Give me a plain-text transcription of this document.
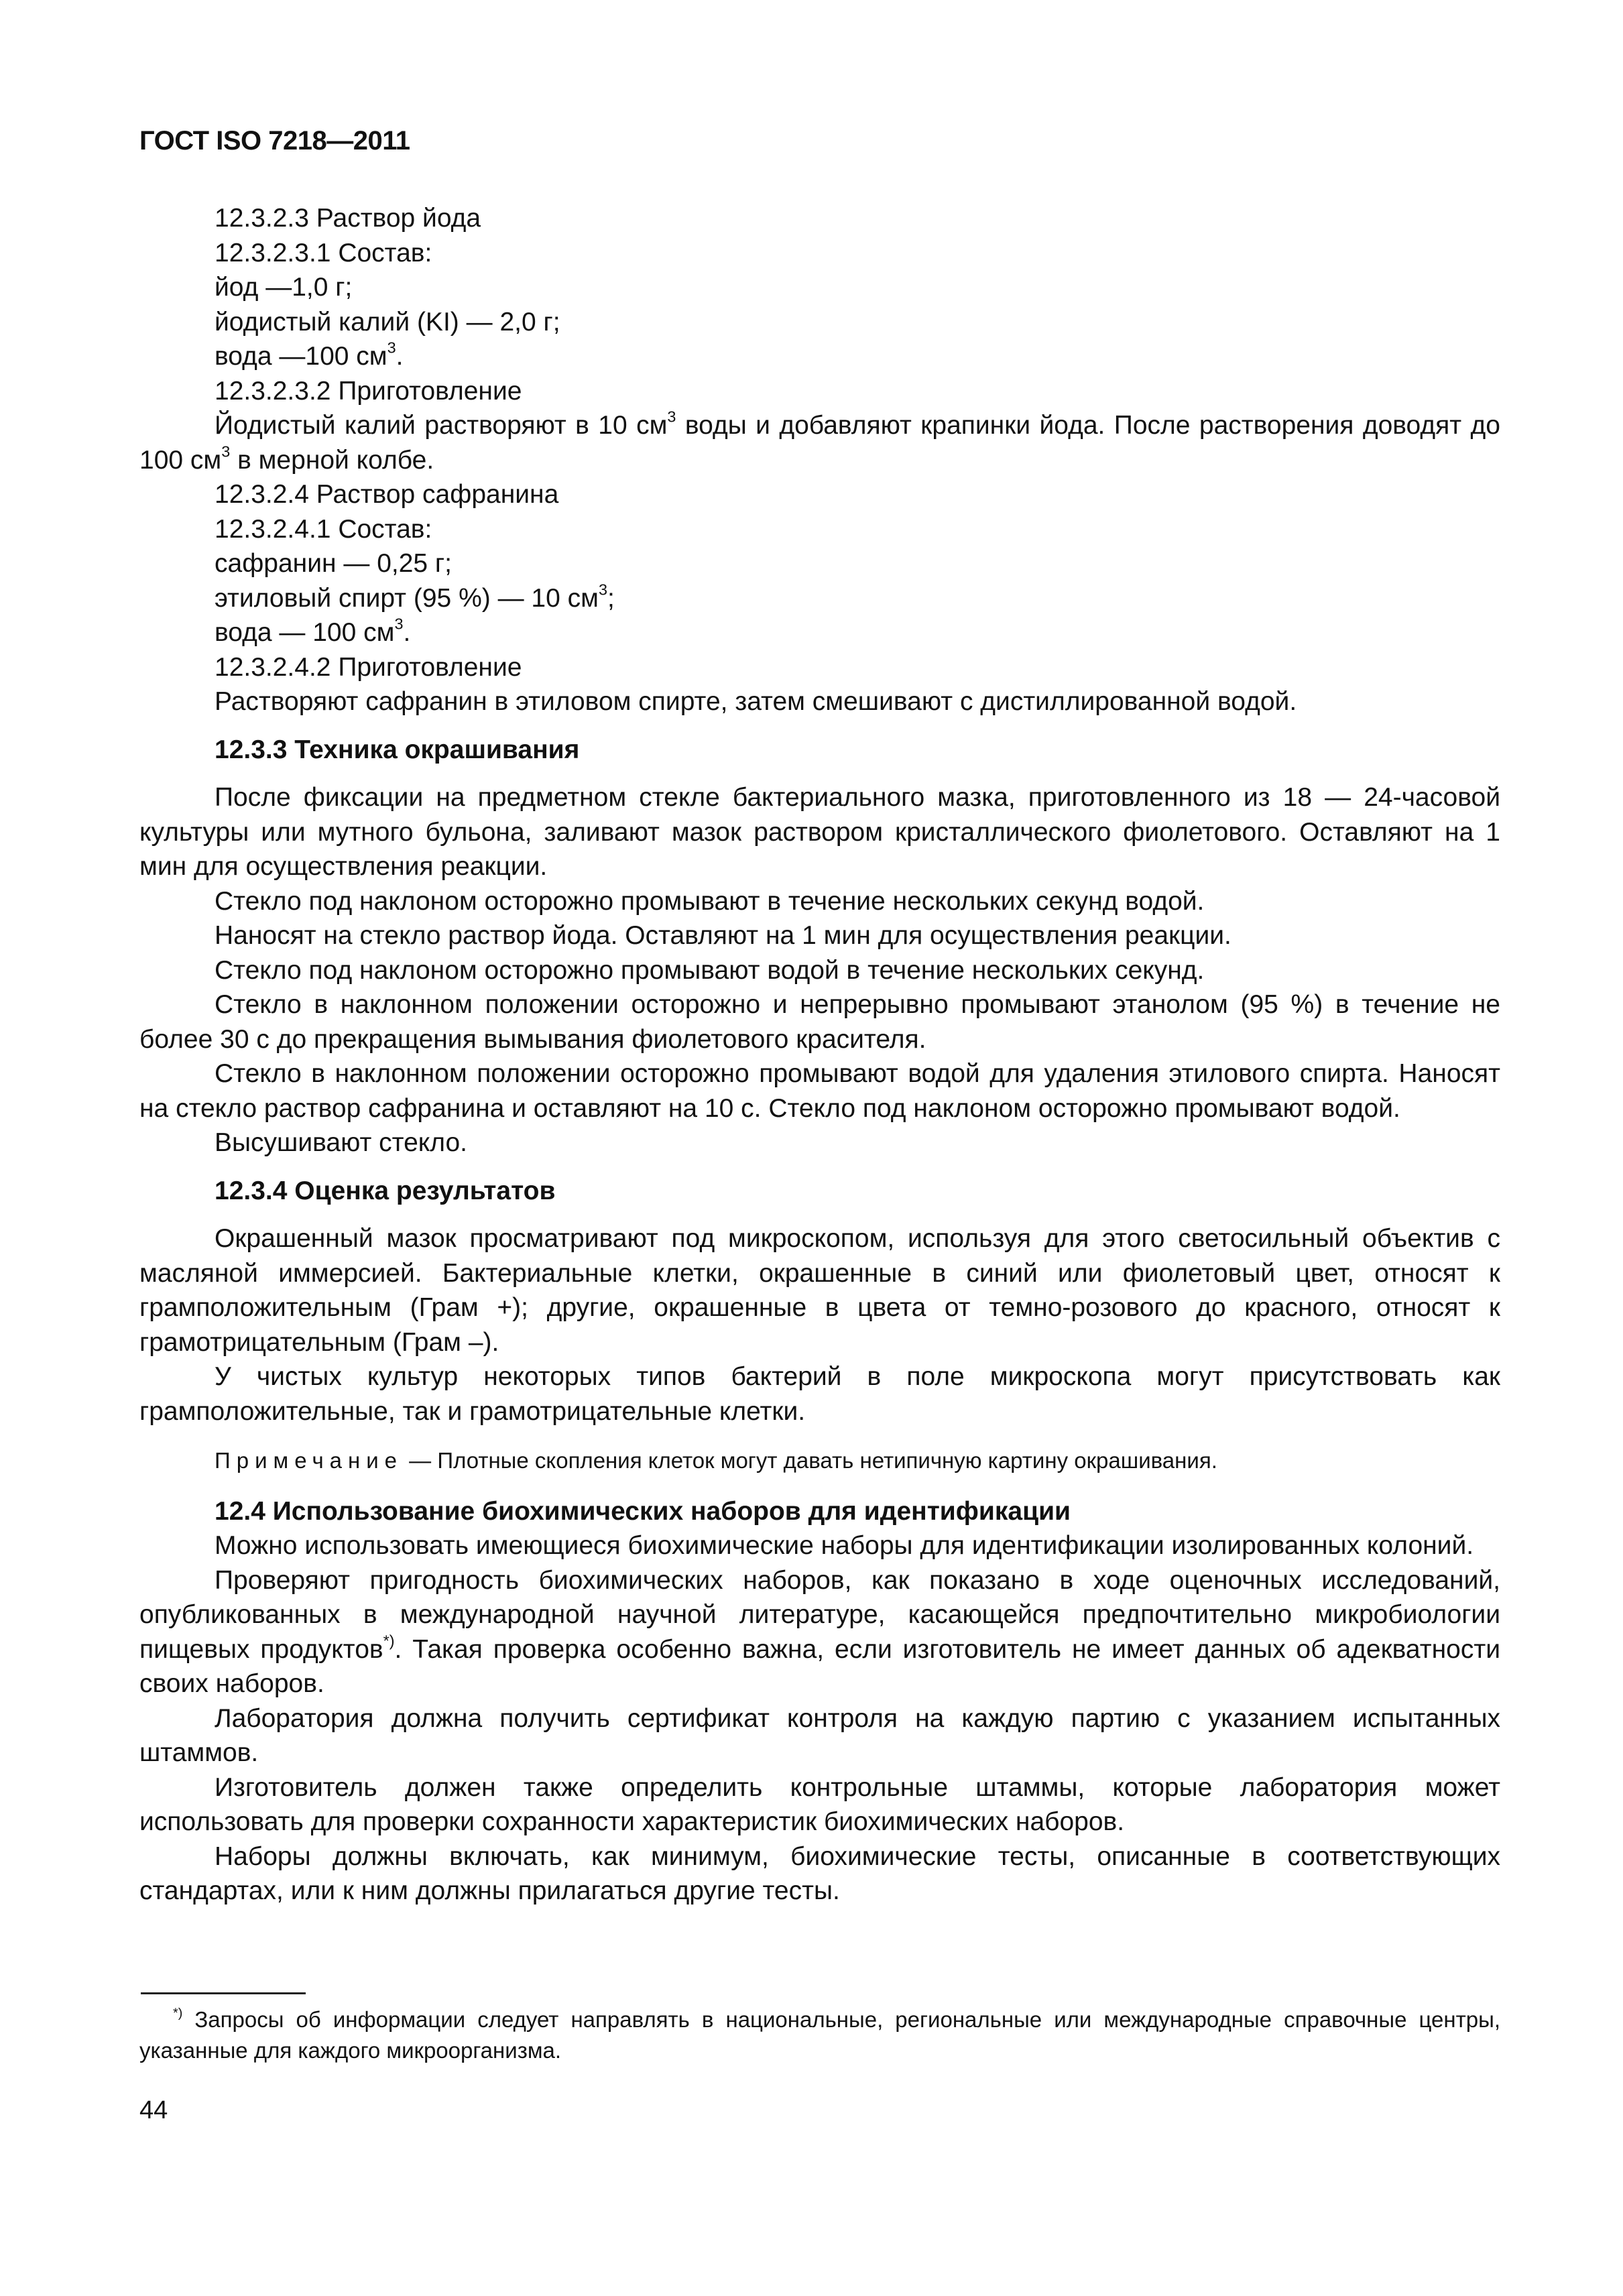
ГОСТ ISO 7218—2011

12.3.2.3 Раствор йода

12.3.2.3.1 Состав:

йод —1,0 г;

йодистый калий (KI) — 2,0 г;

вода —100 $см^3$.

12.3.2.3.2 Приготовление

Йодистый калий растворяют в 10 $см^3$ воды и добавляют крапинки йода. После растворения доводят до 100 $см^3$ в мерной колбе.

12.3.2.4 Раствор сафранина

12.3.2.4.1 Состав:

сафранин — 0,25 г;

этиловый спирт (95 %) — 10 $см^3$;

вода — 100 $см^3$.

12.3.2.4.2 Приготовление

Растворяют сафранин в этиловом спирте, затем смешивают с дистиллированной водой.

12.3.3 Техника окрашивания

После фиксации на предметном стекле бактериального мазка, приготовленного из 18 — 24-часовой культуры или мутного бульона, заливают мазок раствором кристаллического фиолетового. Оставляют на 1 мин для осуществления реакции.

Стекло под наклоном осторожно промывают в течение нескольких секунд водой.

Наносят на стекло раствор йода. Оставляют на 1 мин для осуществления реакции.

Стекло под наклоном осторожно промывают водой в течение нескольких секунд.

Стекло в наклонном положении осторожно и непрерывно промывают этанолом (95 %) в течение не более 30 с до прекращения вымывания фиолетового красителя.

Стекло в наклонном положении осторожно промывают водой для удаления этилового спирта. Наносят на стекло раствор сафранина и оставляют на 10 с. Стекло под наклоном осторожно промывают водой.

Высушивают стекло.

12.3.4 Оценка результатов

Окрашенный мазок просматривают под микроскопом, используя для этого светосильный объектив с масляной иммерсией. Бактериальные клетки, окрашенные в синий или фиолетовый цвет, относят к грамположительным (Грам +); другие, окрашенные в цвета от темно-розового до красного, относят к грамотрицательным (Грам –).

У чистых культур некоторых типов бактерий в поле микроскопа могут присутствовать как грамположительные, так и грамотрицательные клетки.

Примечание — Плотные скопления клеток могут давать нетипичную картину окрашивания.

12.4 Использование биохимических наборов для идентификации

Можно использовать имеющиеся биохимические наборы для идентификации изолированных колоний.

Проверяют пригодность биохимических наборов, как показано в ходе оценочных исследований, опубликованных в международной научной литературе, касающейся предпочтительно микробиологии пищевых продуктов*). Такая проверка особенно важна, если изготовитель не имеет данных об адекватности своих наборов.

Лаборатория должна получить сертификат контроля на каждую партию с указанием испытанных штаммов.

Изготовитель должен также определить контрольные штаммы, которые лаборатория может использовать для проверки сохранности характеристик биохимических наборов.

Наборы должны включать, как минимум, биохимические тесты, описанные в соответствующих стандартах, или к ним должны прилагаться другие тесты.

*) Запросы об информации следует направлять в национальные, региональные или международные справочные центры, указанные для каждого микроорганизма.
44
